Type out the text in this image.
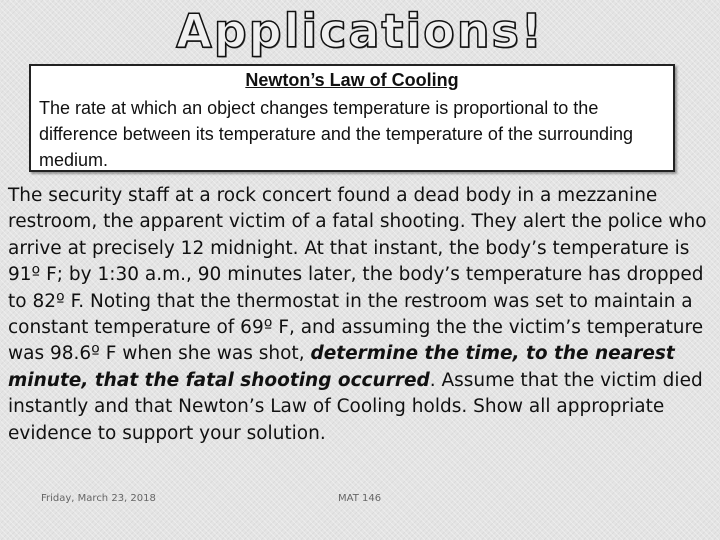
Applications!
Newton’s Law of Cooling
The rate at which an object changes temperature is proportional to the difference between its temperature and the temperature of the surrounding medium.
The security staff at a rock concert found a dead body in a mezzanine restroom, the apparent victim of a fatal shooting. They alert the police who arrive at precisely 12 midnight. At that instant, the body’s temperature is 91º F; by 1:30 a.m., 90 minutes later, the body’s temperature has dropped to 82º F. Noting that the thermostat in the restroom was set to maintain a constant temperature of 69º F, and assuming the the victim’s temperature was 98.6º F when she was shot, determine the time, to the nearest minute, that the fatal shooting occurred. Assume that the victim died instantly and that Newton’s Law of Cooling holds. Show all appropriate evidence to support your solution.
Friday, March 23, 2018	MAT 146
